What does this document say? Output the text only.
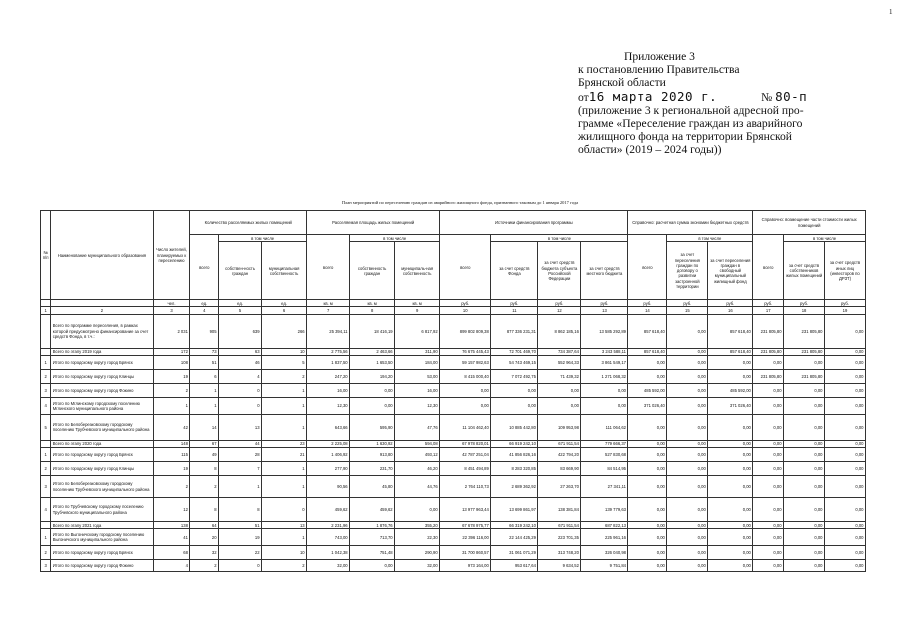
1
Приложение 3
к постановлению Правительства
Брянской области
от16 марта 2020 г.	№ 80-п
(приложение 3 к региональной адресной про-
грамме «Переселение граждан из аварийного
жилищного фонда на территории Брянской
области» (2019 – 2024 годы))
План мероприятий по переселению граждан из аварийного жилищного фонда, признанного таковым до 1 января 2017 года
№ п/п	Наименование муниципального образования	Число жителей, планируемых к переселению	Количество расселяемых жилых помещений			Расселяемая площадь жилых помещений			Источники финансирования программы				Справочно: расчетная сумма экономии бюджетных средств			Справочно: возмещение части стоимости жилых помещений		
			всего	в том числе		всего	в том числе		всего	в том числе			всего	в том числе		всего	в том числе	
				собствен-ность граждан	муниципальная собственность		собственность граждан	муниципаль-ная собственность		за счет средств Фонда	за счет средств бюджета субъекта Российской Федерации	за счет средств местного бюджета		за счет переселения граждан по договору о развитии застроенной территории	за счет переселения граждан в свободный муниципальный жилищный фонд		за счет средств собственников жилых помещений	за счет средств иных лиц (инвесторов по ДРЗТ)
		чел.	ед.	ед.	ед.	кв. м	кв. м	кв. м	руб.	руб.	руб.	руб.	руб.	руб.	руб.	руб.	руб.	руб.
1	2	3	4	5	6	7	8	9	10	11	12	13	14	15	16	17	18	19
	Всего по программе переселения, в рамках которой предусмотрено финансирование за счет средств Фонда, в т.ч.:	2 031	905	639	266	25 394,11	18 416,19	6 817,92	899 802 809,38	877 336 231,31	8 862 185,16	13 585 292,89	857 618,40	0,00	857 618,40	231 805,80	231 805,80	0,00
	Всего по этапу 2019 года	172	73	63	10	2 775,56	2 463,66	311,90	76 675 445,43	72 701 469,70	734 387,64	3 243 588,11	857 618,40	0,00	857 618,40	231 805,80	231 805,80	0,00
1	Итого по городскому округу город Брянск	108	51	46	5	1 837,50	1 653,50	184,00	59 157 982,63	54 743 469,15	552 964,33	3 861 549,17	0,00	0,00	0,00	0,00	0,00	0,00
2	Итого по городскому округу город Клинцы	19	6	4	2	247,20	194,20	53,00	8 415 000,40	7 072 492,75	71 439,32	1 271 068,32	0,00	0,00	0,00	231 805,80	231 805,80	0,00
3	Итого по городскому округу город Фокино	2	1	0	1	16,00	0,00	16,00	0,00	0,00	0,00	0,00	485 592,00	0,00	485 592,00	0,00	0,00	0,00
4	Итого по Мглинскому городскому поселению Мглинского муниципального района	1	1	0	1	12,30	0,00	12,30	0,00	0,00	0,00	0,00	371 026,40	0,00	371 026,40	0,00	0,00	0,00
5	Итого по Белоберезковскому городскому поселению Трубчевского муниципального района	42	14	13	1	643,66	595,90	47,76	11 104 462,40	10 885 442,80	109 953,98	111 064,62	0,00	0,00	0,00	0,00	0,00	0,00
	Всего по этапу 2020 года	148	67	44	23	2 225,08	1 630,92	594,08	67 978 820,01	66 919 242,10	671 911,54	779 666,37	0,00	0,00	0,00	0,00	0,00	0,00
1	Итого по городскому округу город Брянск	115	49	28	21	1 406,92	913,80	493,12	42 787 251,04	41 856 826,16	422 794,20	527 830,68	0,00	0,00	0,00	0,00	0,00	0,00
2	Итого по городскому округу город Клинцы	19	8	7	1	277,90	231,70	46,20	8 451 494,89	8 283 320,85	83 669,90	84 514,95	0,00	0,00	0,00	0,00	0,00	0,00
3	Итого по Белоберезковскому городскому поселению Трубчевского муниципального района	2	2	1	1	90,56	45,80	44,76	2 764 110,73	2 689 362,92	27 263,70	27 341,11	0,00	0,00	0,00	0,00	0,00	0,00
4	Итого по Трубчевскому городскому поселению Трубчевского муниципального района	12	8	8	0	459,62	459,62	0,00	13 977 963,44	13 699 861,97	138 381,84	139 779,63	0,00	0,00	0,00	0,00	0,00	0,00
	Всего по этапу 2021 года	138	64	51	13	2 231,96	1 876,76	355,20	67 678 975,77	66 319 242,10	671 911,54	687 822,13	0,00	0,00	0,00	0,00	0,00	0,00
1	Итого по Выгоничскому городскому поселению Выгоничского муниципального района	41	20	19	1	743,00	713,70	22,30	22 396 116,00	22 144 425,29	223 701,35	225 961,16	0,00	0,00	0,00	0,00	0,00	0,00
2	Итого по городскому округу город Брянск	68	32	22	10	1 042,38	751,48	290,90	31 700 860,57	31 061 071,29	313 748,20	326 040,98	0,00	0,00	0,00	0,00	0,00	0,00
3	Итого по городскому округу город Фокино	4	2	0	2	32,00	0,00	32,00	973 164,00	953 617,64	9 634,52	9 751,84	0,00	0,00	0,00	0,00	0,00	0,00
